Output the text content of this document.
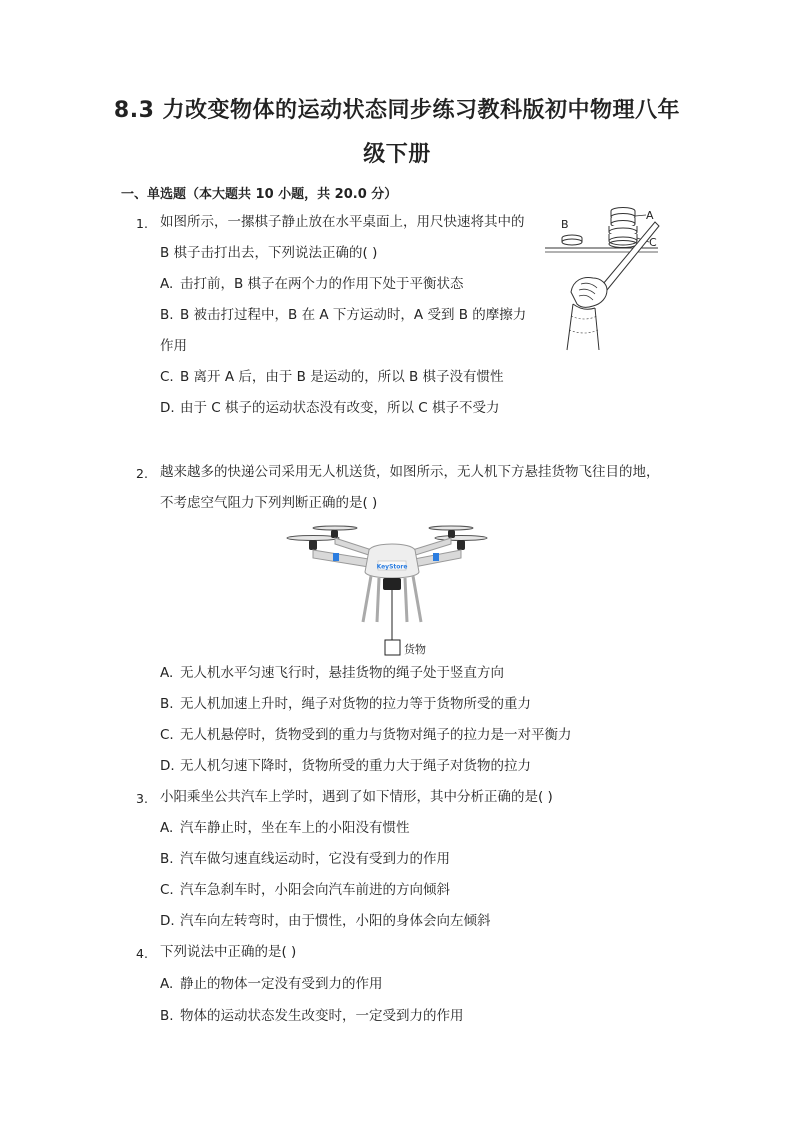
8.3 力改变物体的运动状态同步练习教科版初中物理八年
级下册
一、单选题（本大题共 10 小题，共 20.0 分）
1. 如图所示，一摞棋子静止放在水平桌面上，用尺快速将其中的
B 棋子击打出去，下列说法正确的( )
A. 击打前，B 棋子在两个力的作用下处于平衡状态
B. B 被击打过程中，B 在 A 下方运动时，A 受到 B 的摩擦力
作用
C. B 离开 A 后，由于 B 是运动的，所以 B 棋子没有惯性
D. 由于 C 棋子的运动状态没有改变，所以 C 棋子不受力
B
A
C
2. 越来越多的快递公司采用无人机送货，如图所示，无人机下方悬挂货物飞往目的地，
不考虑空气阻力下列判断正确的是( )
KeyStore
货物
A. 无人机水平匀速飞行时，悬挂货物的绳子处于竖直方向
B. 无人机加速上升时，绳子对货物的拉力等于货物所受的重力
C. 无人机悬停时，货物受到的重力与货物对绳子的拉力是一对平衡力
D. 无人机匀速下降时，货物所受的重力大于绳子对货物的拉力
3. 小阳乘坐公共汽车上学时，遇到了如下情形，其中分析正确的是( )
A. 汽车静止时，坐在车上的小阳没有惯性
B. 汽车做匀速直线运动时，它没有受到力的作用
C. 汽车急刹车时，小阳会向汽车前进的方向倾斜
D. 汽车向左转弯时，由于惯性，小阳的身体会向左倾斜
4. 下列说法中正确的是( )
A. 静止的物体一定没有受到力的作用
B. 物体的运动状态发生改变时，一定受到力的作用
